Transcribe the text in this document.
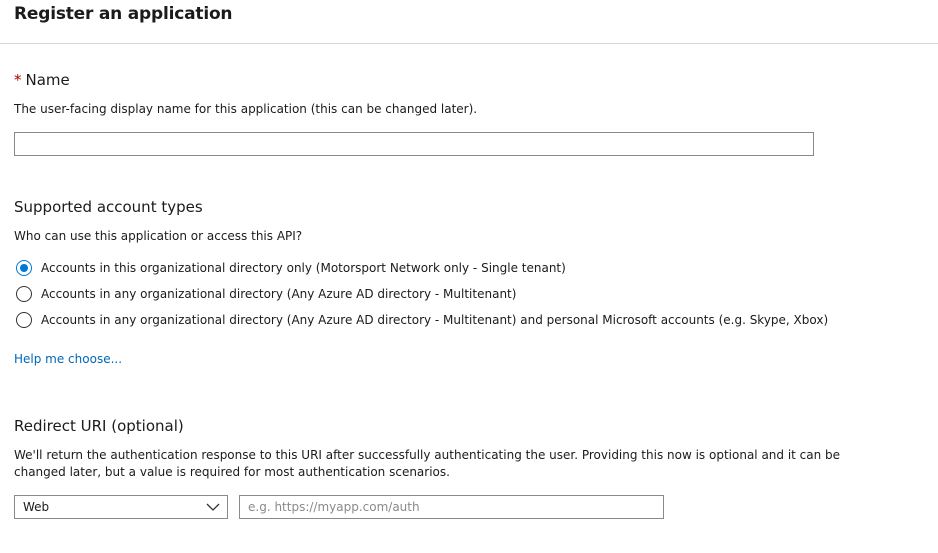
Register an application
* Name
The user-facing display name for this application (this can be changed later).
Supported account types
Who can use this application or access this API?
Accounts in this organizational directory only (Motorsport Network only - Single tenant)
Accounts in any organizational directory (Any Azure AD directory - Multitenant)
Accounts in any organizational directory (Any Azure AD directory - Multitenant) and personal Microsoft accounts (e.g. Skype, Xbox)
Help me choose...
Redirect URI (optional)
We'll return the authentication response to this URI after successfully authenticating the user. Providing this now is optional and it can be
changed later, but a value is required for most authentication scenarios.
Web
e.g. https://myapp.com/auth
